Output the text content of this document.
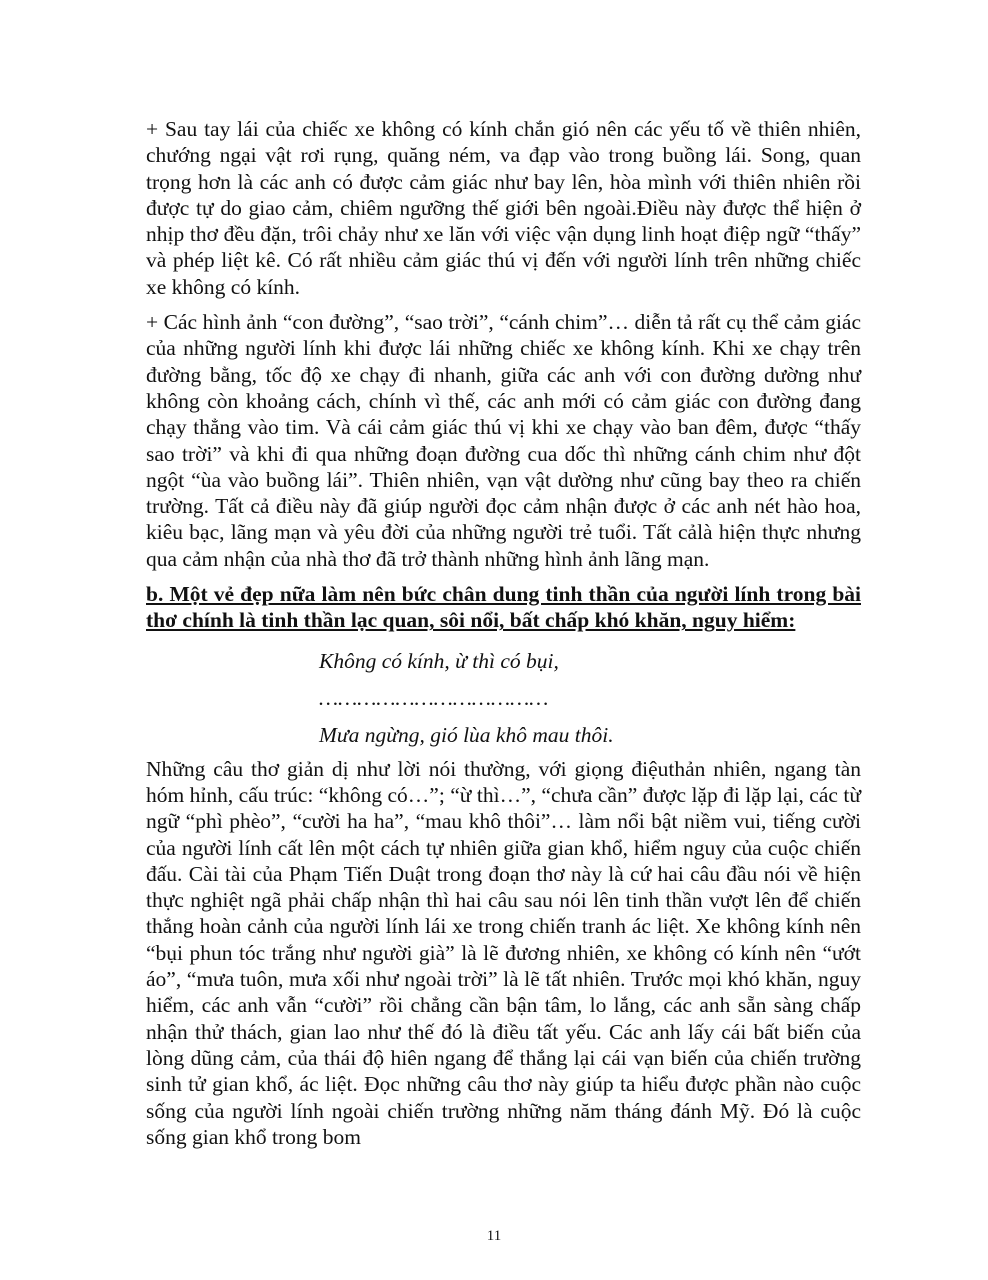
+ Sau tay lái của chiếc xe không có kính chắn gió nên các yếu tố về thiên nhiên, chướng ngại vật rơi rụng, quăng ném, va đạp vào trong buồng lái. Song, quan trọng hơn là các anh có được cảm giác như bay lên, hòa mình với thiên nhiên rồi được tự do giao cảm, chiêm ngưỡng thế giới bên ngoài.Điều này được thể hiện ở nhịp thơ đều đặn, trôi chảy như xe lăn với việc vận dụng linh hoạt điệp ngữ “thấy” và phép liệt kê. Có rất nhiều cảm giác thú vị đến với người lính trên những chiếc xe không có kính.

+ Các hình ảnh “con đường”, “sao trời”, “cánh chim”… diễn tả rất cụ thể cảm giác của những người lính khi được lái những chiếc xe không kính. Khi xe chạy trên đường bằng, tốc độ xe chạy đi nhanh, giữa các anh với con đường dường như không còn khoảng cách, chính vì thế, các anh mới có cảm giác con đường đang chạy thẳng vào tim. Và cái cảm giác thú vị khi xe chạy vào ban đêm, được “thấy sao trời” và khi đi qua những đoạn đường cua dốc thì những cánh chim như đột ngột “ùa vào buồng lái”. Thiên nhiên, vạn vật dường như cũng bay theo ra chiến trường. Tất cả điều này đã giúp người đọc cảm nhận được ở các anh nét hào hoa, kiêu bạc, lãng mạn và yêu đời của những người trẻ tuổi. Tất cảlà hiện thực nhưng qua cảm nhận của nhà thơ đã trở thành những hình ảnh lãng mạn.

b. Một vẻ đẹp nữa làm nên bức chân dung tinh thần của người lính trong bài thơ chính là tinh thần lạc quan, sôi nổi, bất chấp khó khăn, nguy hiểm:

Không có kính, ừ thì có bụi,
………………………………
Mưa ngừng, gió lùa khô mau thôi.

Những câu thơ giản dị như lời nói thường, với giọng điệuthản nhiên, ngang tàn hóm hỉnh, cấu trúc: “không có…”; “ừ thì…”, “chưa cần” được lặp đi lặp lại, các từ ngữ “phì phèo”, “cười ha ha”, “mau khô thôi”… làm nổi bật niềm vui, tiếng cười của người lính cất lên một cách tự nhiên giữa gian khổ, hiểm nguy của cuộc chiến đấu. Cài tài của Phạm Tiến Duật trong đoạn thơ này là cứ hai câu đầu nói về hiện thực nghiệt ngã phải chấp nhận thì hai câu sau nói lên tinh thần vượt lên để chiến thắng hoàn cảnh của người lính lái xe trong chiến tranh ác liệt. Xe không kính nên “bụi phun tóc trắng như người già” là lẽ đương nhiên, xe không có kính nên “ướt áo”, “mưa tuôn, mưa xối như ngoài trời” là lẽ tất nhiên. Trước mọi khó khăn, nguy hiểm, các anh vẫn “cười” rồi chẳng cần bận tâm, lo lắng, các anh sẵn sàng chấp nhận thử thách, gian lao như thế đó là điều tất yếu. Các anh lấy cái bất biến của lòng dũng cảm, của thái độ hiên ngang để thắng lại cái vạn biến của chiến trường sinh tử gian khổ, ác liệt. Đọc những câu thơ này giúp ta hiểu được phần nào cuộc sống của người lính ngoài chiến trường những năm tháng đánh Mỹ. Đó là cuộc sống gian khổ trong bom

11
